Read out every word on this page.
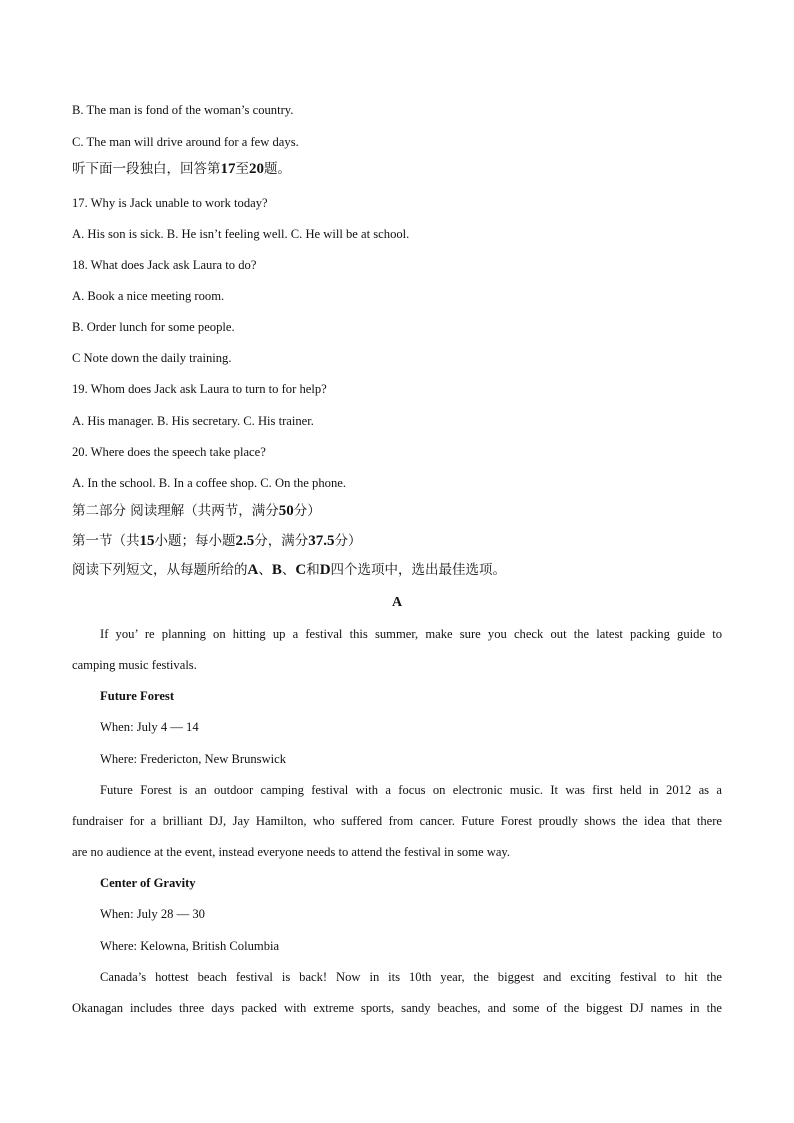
B. The man is fond of the woman’s country.
C. The man will drive around for a few days.
听下面一段独白，回答第17至20题。
17. Why is Jack unable to work today?
A. His son is sick. B. He isn’t feeling well. C. He will be at school.
18. What does Jack ask Laura to do?
A. Book a nice meeting room.
B. Order lunch for some people.
C Note down the daily training.
19. Whom does Jack ask Laura to turn to for help?
A. His manager. B. His secretary. C. His trainer.
20. Where does the speech take place?
A. In the school. B. In a coffee shop. C. On the phone.
第二部分 阅读理解（共两节，满分50分）
第一节（共15小题；每小题2.5分，满分37.5分）
阅读下列短文，从每题所给的A、B、C和D四个选项中，选出最佳选项。
A
If you’ re planning on hitting up a festival this summer, make sure you check out the latest packing guide to
camping music festivals.
Future Forest
When: July 4 — 14
Where: Fredericton, New Brunswick
Future Forest is an outdoor camping festival with a focus on electronic music. It was first held in 2012 as a
fundraiser for a brilliant DJ, Jay Hamilton, who suffered from cancer. Future Forest proudly shows the idea that there
are no audience at the event, instead everyone needs to attend the festival in some way.
Center of Gravity
When: July 28 — 30
Where: Kelowna, British Columbia
Canada’s hottest beach festival is back! Now in its 10th year, the biggest and exciting festival to hit the
Okanagan includes three days packed with extreme sports, sandy beaches, and some of the biggest DJ names in the
